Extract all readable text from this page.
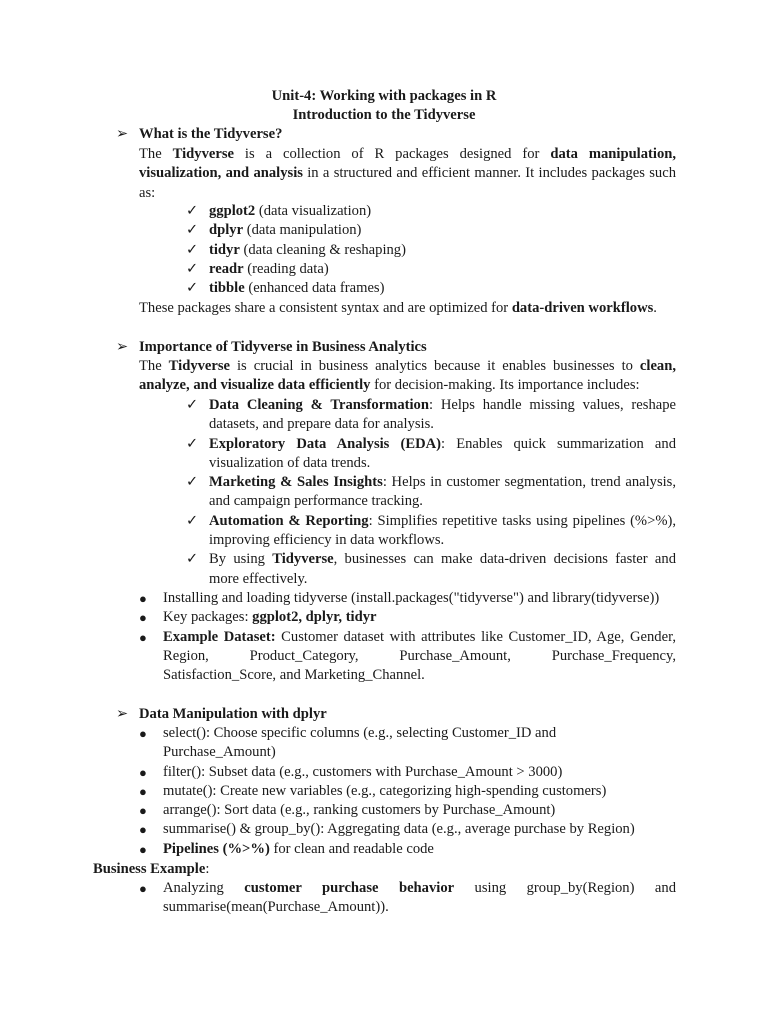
Unit-4: Working with packages in R
Introduction to the Tidyverse
➢ What is the Tidyverse?
The Tidyverse is a collection of R packages designed for data manipulation, visualization, and analysis in a structured and efficient manner. It includes packages such as:
✓ ggplot2 (data visualization)
✓ dplyr (data manipulation)
✓ tidyr (data cleaning & reshaping)
✓ readr (reading data)
✓ tibble (enhanced data frames)
These packages share a consistent syntax and are optimized for data-driven workflows.
➢ Importance of Tidyverse in Business Analytics
The Tidyverse is crucial in business analytics because it enables businesses to clean, analyze, and visualize data efficiently for decision-making. Its importance includes:
✓ Data Cleaning & Transformation: Helps handle missing values, reshape datasets, and prepare data for analysis.
✓ Exploratory Data Analysis (EDA): Enables quick summarization and visualization of data trends.
✓ Marketing & Sales Insights: Helps in customer segmentation, trend analysis, and campaign performance tracking.
✓ Automation & Reporting: Simplifies repetitive tasks using pipelines (%>%), improving efficiency in data workflows.
✓ By using Tidyverse, businesses can make data-driven decisions faster and more effectively.
● Installing and loading tidyverse (install.packages("tidyverse") and library(tidyverse))
● Key packages: ggplot2, dplyr, tidyr
● Example Dataset: Customer dataset with attributes like Customer_ID, Age, Gender, Region, Product_Category, Purchase_Amount, Purchase_Frequency, Satisfaction_Score, and Marketing_Channel.
➢ Data Manipulation with dplyr
● select(): Choose specific columns (e.g., selecting Customer_ID and Purchase_Amount)
● filter(): Subset data (e.g., customers with Purchase_Amount > 3000)
● mutate(): Create new variables (e.g., categorizing high-spending customers)
● arrange(): Sort data (e.g., ranking customers by Purchase_Amount)
● summarise() & group_by(): Aggregating data (e.g., average purchase by Region)
● Pipelines (%>%) for clean and readable code
Business Example:
● Analyzing customer purchase behavior using group_by(Region) and summarise(mean(Purchase_Amount)).
